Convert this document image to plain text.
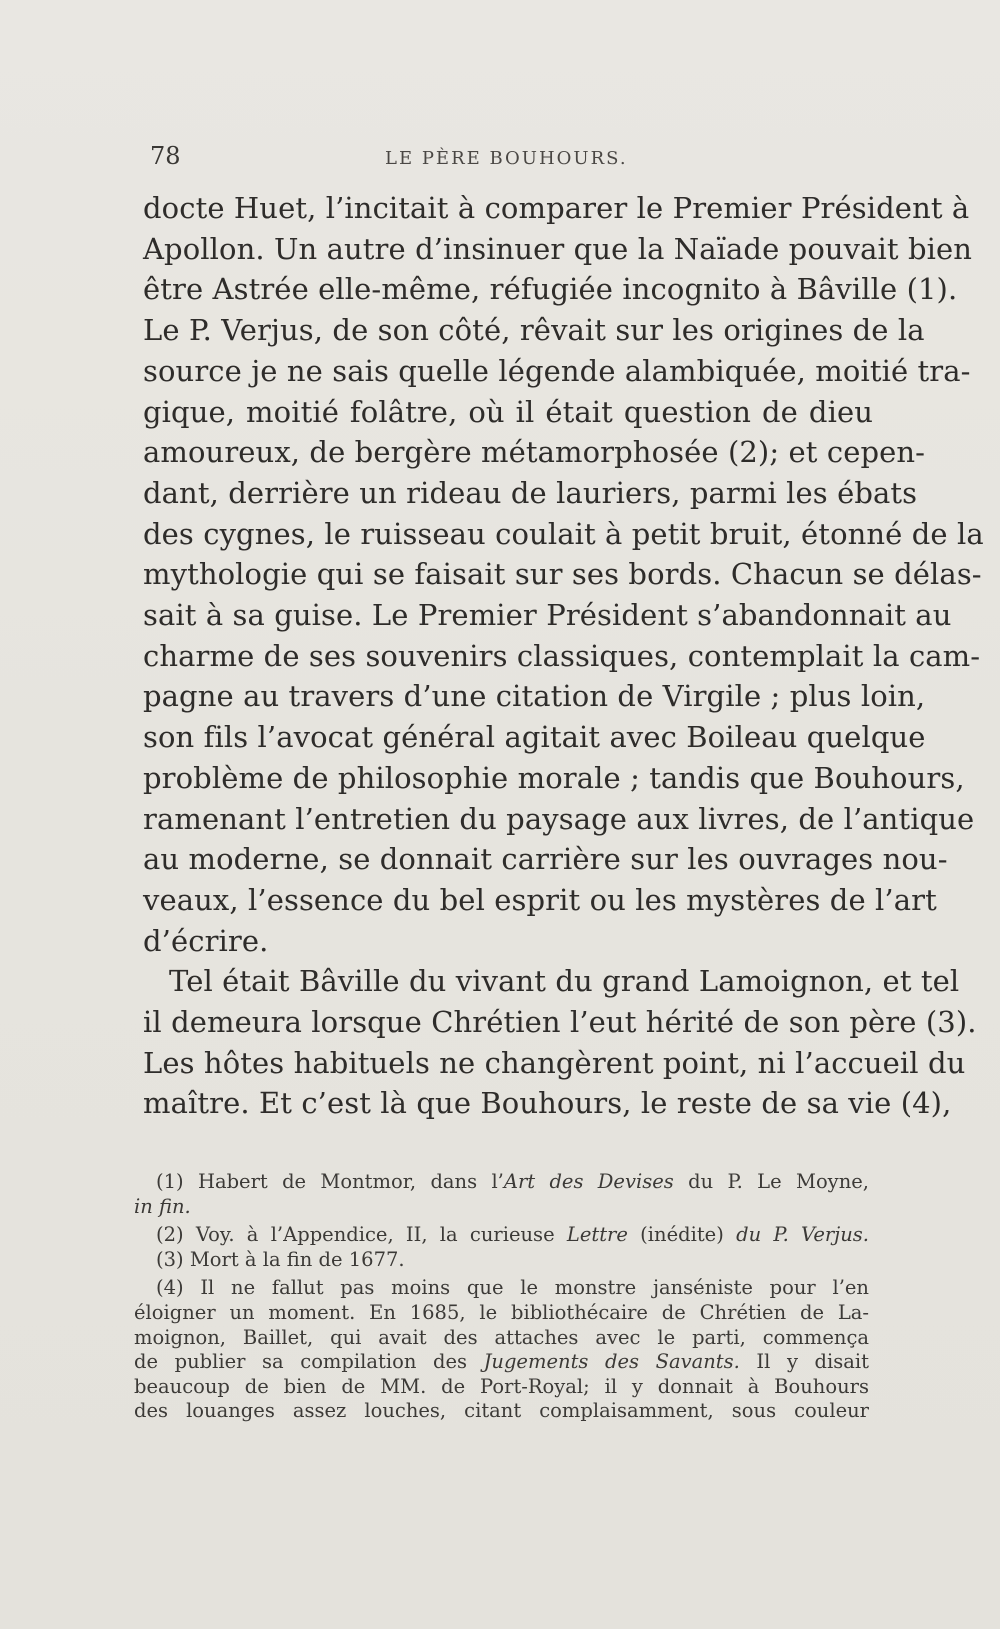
78	LE PÈRE BOUHOURS.
docte Huet, l’incitait à comparer le Premier Président à
Apollon. Un autre d’insinuer que la Naïade pouvait bien
être Astrée elle-même, réfugiée incognito à Bâville (1).
Le P. Verjus, de son côté, rêvait sur les origines de la
source je ne sais quelle légende alambiquée, moitié tra-
gique, moitié folâtre, où il était question de dieu
amoureux, de bergère métamorphosée (2); et cepen-
dant, derrière un rideau de lauriers, parmi les ébats
des cygnes, le ruisseau coulait à petit bruit, étonné de la
mythologie qui se faisait sur ses bords. Chacun se délas-
sait à sa guise. Le Premier Président s’abandonnait au
charme de ses souvenirs classiques, contemplait la cam-
pagne au travers d’une citation de Virgile ; plus loin,
son fils l’avocat général agitait avec Boileau quelque
problème de philosophie morale ; tandis que Bouhours,
ramenant l’entretien du paysage aux livres, de l’antique
au moderne, se donnait carrière sur les ouvrages nou-
veaux, l’essence du bel esprit ou les mystères de l’art
d’écrire.
Tel était Bâville du vivant du grand Lamoignon, et tel
il demeura lorsque Chrétien l’eut hérité de son père (3).
Les hôtes habituels ne changèrent point, ni l’accueil du
maître. Et c’est là que Bouhours, le reste de sa vie (4),
(1) Habert de Montmor, dans l’Art des Devises du P. Le Moyne,
in fin.
(2) Voy. à l’Appendice, II, la curieuse Lettre (inédite) du P. Verjus.
(3) Mort à la fin de 1677.
(4) Il ne fallut pas moins que le monstre janséniste pour l’en
éloigner un moment. En 1685, le bibliothécaire de Chrétien de La-
moignon, Baillet, qui avait des attaches avec le parti, commença
de publier sa compilation des Jugements des Savants. Il y disait
beaucoup de bien de MM. de Port-Royal; il y donnait à Bouhours
des louanges assez louches, citant complaisamment, sous couleur
